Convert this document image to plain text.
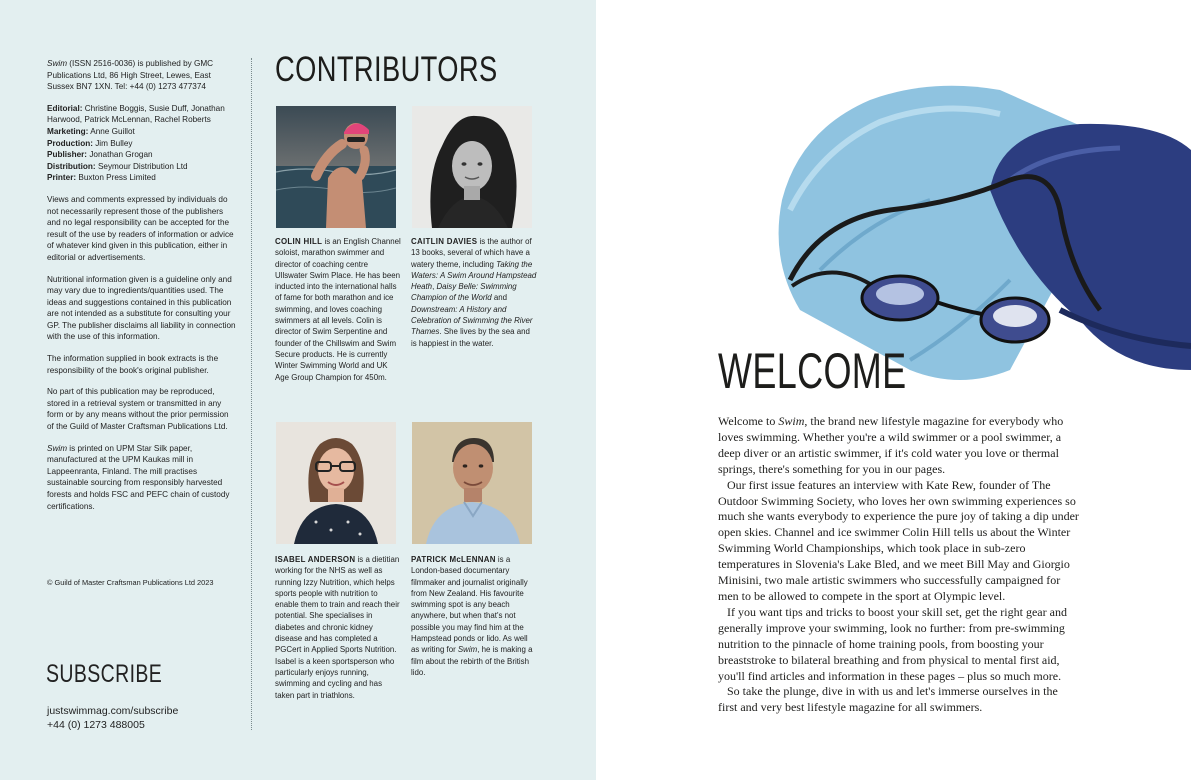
Swim (ISSN 2516-0036) is published by GMC Publications Ltd, 86 High Street, Lewes, East Sussex BN7 1XN. Tel: +44 (0) 1273 477374

Editorial: Christine Boggis, Susie Duff, Jonathan Harwood, Patrick McLennan, Rachel Roberts
Marketing: Anne Guillot
Production: Jim Bulley
Publisher: Jonathan Grogan
Distribution: Seymour Distribution Ltd
Printer: Buxton Press Limited

Views and comments expressed by individuals do not necessarily represent those of the publishers and no legal responsibility can be accepted for the result of the use by readers of information or advice of whatever kind given in this publication, either in editorial or advertisements.

Nutritional information given is a guideline only and may vary due to ingredients/quantities used. The ideas and suggestions contained in this publication are not intended as a substitute for consulting your GP. The publisher disclaims all liability in connection with the use of this information.

The information supplied in book extracts is the responsibility of the book's original publisher.

No part of this publication may be reproduced, stored in a retrieval system or transmitted in any form or by any means without the prior permission of the Guild of Master Craftsman Publications Ltd.

Swim is printed on UPM Star Silk paper, manufactured at the UPM Kaukas mill in Lappeenranta, Finland. The mill practises sustainable sourcing from responsibly harvested forests and holds FSC and PEFC chain of custody certifications.

© Guild of Master Craftsman Publications Ltd 2023
SUBSCRIBE
justswimmag.com/subscribe
+44 (0) 1273 488005
CONTRIBUTORS
COLIN HILL is an English Channel soloist, marathon swimmer and director of coaching centre Ullswater Swim Place. He has been inducted into the international halls of fame for both marathon and ice swimming, and loves coaching swimmers at all levels. Colin is director of Swim Serpentine and founder of the Chillswim and Swim Secure products. He is currently Winter Swimming World and UK Age Group Champion for 450m.
CAITLIN DAVIES is the author of 13 books, several of which have a watery theme, including Taking the Waters: A Swim Around Hampstead Heath, Daisy Belle: Swimming Champion of the World and Downstream: A History and Celebration of Swimming the River Thames. She lives by the sea and is happiest in the water.
ISABEL ANDERSON is a dietitian working for the NHS as well as running Izzy Nutrition, which helps sports people with nutrition to enable them to train and reach their potential. She specialises in diabetes and chronic kidney disease and has completed a PGCert in Applied Sports Nutrition. Isabel is a keen sportsperson who particularly enjoys running, swimming and cycling and has taken part in triathlons.
PATRICK McLENNAN is a London-based documentary filmmaker and journalist originally from New Zealand. His favourite swimming spot is any beach anywhere, but when that's not possible you may find him at the Hampstead ponds or lido. As well as writing for Swim, he is making a film about the rebirth of the British lido.
WELCOME

Welcome to Swim, the brand new lifestyle magazine for everybody who loves swimming. Whether you're a wild swimmer or a pool swimmer, a deep diver or an artistic swimmer, if it's cold water you love or thermal springs, there's something for you in our pages.

Our first issue features an interview with Kate Rew, founder of The Outdoor Swimming Society, who loves her own swimming experiences so much she wants everybody to experience the pure joy of taking a dip under open skies. Channel and ice swimmer Colin Hill tells us about the Winter Swimming World Championships, which took place in sub-zero temperatures in Slovenia's Lake Bled, and we meet Bill May and Giorgio Minisini, two male artistic swimmers who successfully campaigned for men to be allowed to compete in the sport at Olympic level.

If you want tips and tricks to boost your skill set, get the right gear and generally improve your swimming, look no further: from pre-swimming nutrition to the pinnacle of home training pools, from boosting your breaststroke to bilateral breathing and from physical to mental first aid, you'll find articles and information in these pages – plus so much more.

So take the plunge, dive in with us and let's immerse ourselves in the first and very best lifestyle magazine for all swimmers.
